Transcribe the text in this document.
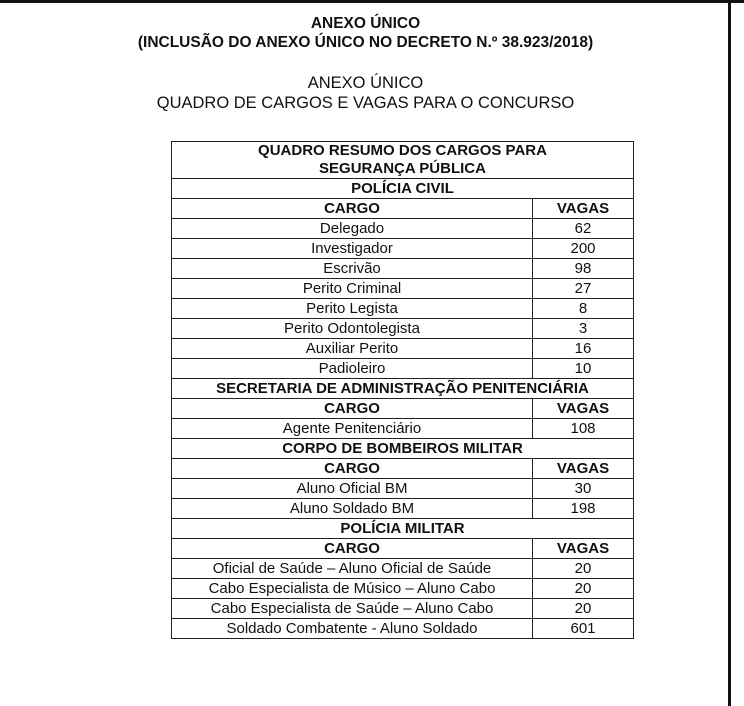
ANEXO ÚNICO
(INCLUSÃO DO ANEXO ÚNICO NO DECRETO N.º 38.923/2018)
ANEXO ÚNICO
QUADRO DE CARGOS E VAGAS PARA O CONCURSO
QUADRO RESUMO DOS CARGOS PARA
SEGURANÇA PÚBLICA	
POLÍCIA CIVIL	
CARGO	VAGAS
Delegado	62
Investigador	200
Escrivão	98
Perito Criminal	27
Perito Legista	8
Perito Odontolegista	3
Auxiliar Perito	16
Padioleiro	10
SECRETARIA DE ADMINISTRAÇÃO PENITENCIÁRIA	
CARGO	VAGAS
Agente Penitenciário	108
CORPO DE BOMBEIROS MILITAR	
CARGO	VAGAS
Aluno Oficial BM	30
Aluno Soldado BM	198
POLÍCIA MILITAR	
CARGO	VAGAS
Oficial de Saúde – Aluno Oficial de Saúde	20
Cabo Especialista de Músico – Aluno Cabo	20
Cabo Especialista de Saúde – Aluno Cabo	20
Soldado Combatente - Aluno Soldado	601
